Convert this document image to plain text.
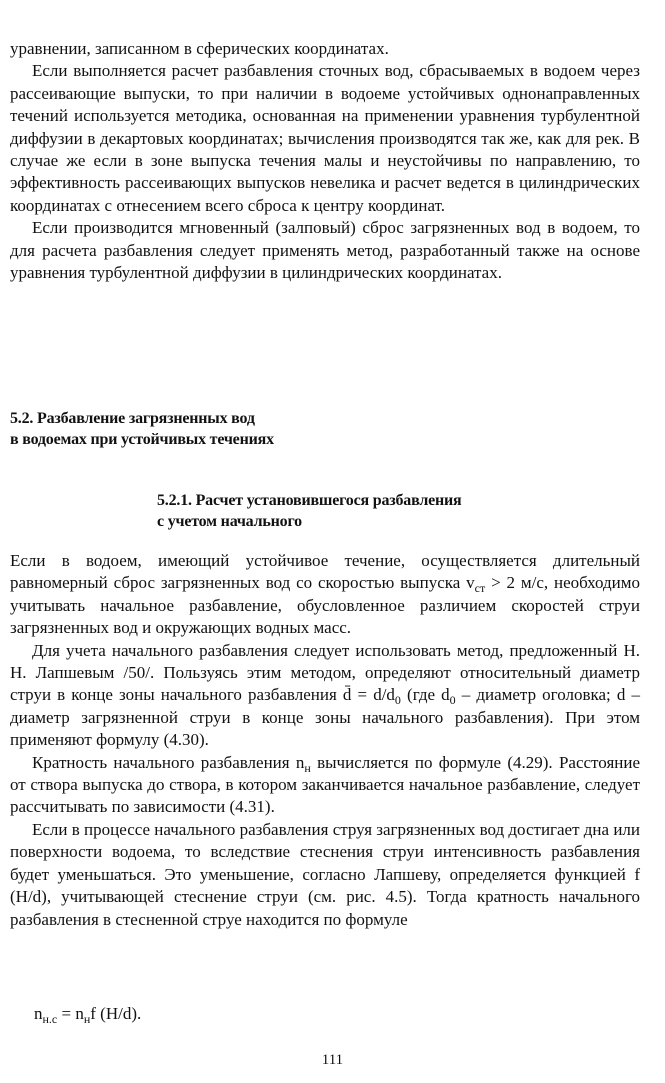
уравнении, записанном в сферических координатах.

Если выполняется расчет разбавления сточных вод, сбрасываемых в водоем через рассеивающие выпуски, то при наличии в водоеме устойчивых однонаправленных течений используется методика, основанная на применении уравнения турбулентной диффузии в декартовых координатах; вычисления производятся так же, как для рек. В случае же если в зоне выпуска течения малы и неустойчивы по направлению, то эффективность рассеивающих выпусков невелика и расчет ведется в цилиндрических координатах с отнесением всего сброса к центру координат.

Если производится мгновенный (залповый) сброс загрязненных вод в водоем, то для расчета разбавления следует применять метод, разработанный также на основе уравнения турбулентной диффузии в цилиндрических координатах.

5.2. Разбавление загрязненных вод
в водоемах при устойчивых течениях
5.2.1. Расчет установившегося разбавления
с учетом начального

Если в водоем, имеющий устойчивое течение, осуществляется длительный равномерный сброс загрязненных вод со скоростью выпуска $v_{ст} > 2$ м/с, необходимо учитывать начальное разбавление, обусловленное различием скоростей струи загрязненных вод и окружающих водных масс.

Для учета начального разбавления следует использовать метод, предложенный Н. Н. Лапшевым /50/. Пользуясь этим методом, определяют относительный диаметр струи в конце зоны начального разбавления d̄ = $d/d_0$ (где $d_0$ – диаметр оголовка; d – диаметр загрязненной струи в конце зоны начального разбавления). При этом применяют формулу (4.30).

Кратность начального разбавления $n_н$ вычисляется по формуле (4.29). Расстояние от створа выпуска до створа, в котором заканчивается начальное разбавление, следует рассчитывать по зависимости (4.31).

Если в процессе начального разбавления струя загрязненных вод достигает дна или поверхности водоема, то вследствие стеснения струи интенсивность разбавления будет уменьшаться. Это уменьшение, согласно Лапшеву, определяется функцией f (H/d), учитывающей стеснение струи (см. рис. 4.5). Тогда кратность начального разбавления в стесненной струе находится по формуле

$n_{н.с} = n_нf$ (H/d).
111
